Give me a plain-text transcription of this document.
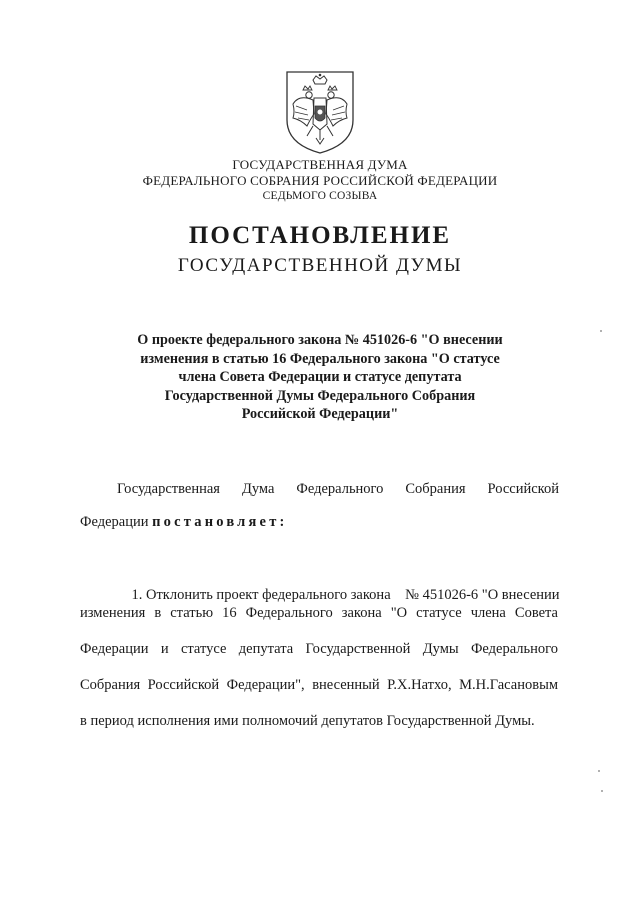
ГОСУДАРСТВЕННАЯ ДУМА
ФЕДЕРАЛЬНОГО СОБРАНИЯ РОССИЙСКОЙ ФЕДЕРАЦИИ
СЕДЬМОГО СОЗЫВА
ПОСТАНОВЛЕНИЕ
ГОСУДАРСТВЕННОЙ ДУМЫ
О проекте федерального закона № 451026-6 "О внесении
изменения в статью 16 Федерального закона "О статусе
члена Совета Федерации и статусе депутата
Государственной Думы Федерального Собрания
Российской Федерации"
Государственная Дума Федерального Собрания Российской
Федерации постановляет:

1. Отклонить проект федерального закона    № 451026-6 "О внесении

изменения в статью 16 Федерального закона "О статусе члена Совета
Федерации и статусе депутата Государственной Думы Федерального
Собрания Российской Федерации", внесенный Р.Х.Натхо, М.Н.Гасановым
в период исполнения ими полномочий депутатов Государственной Думы.
